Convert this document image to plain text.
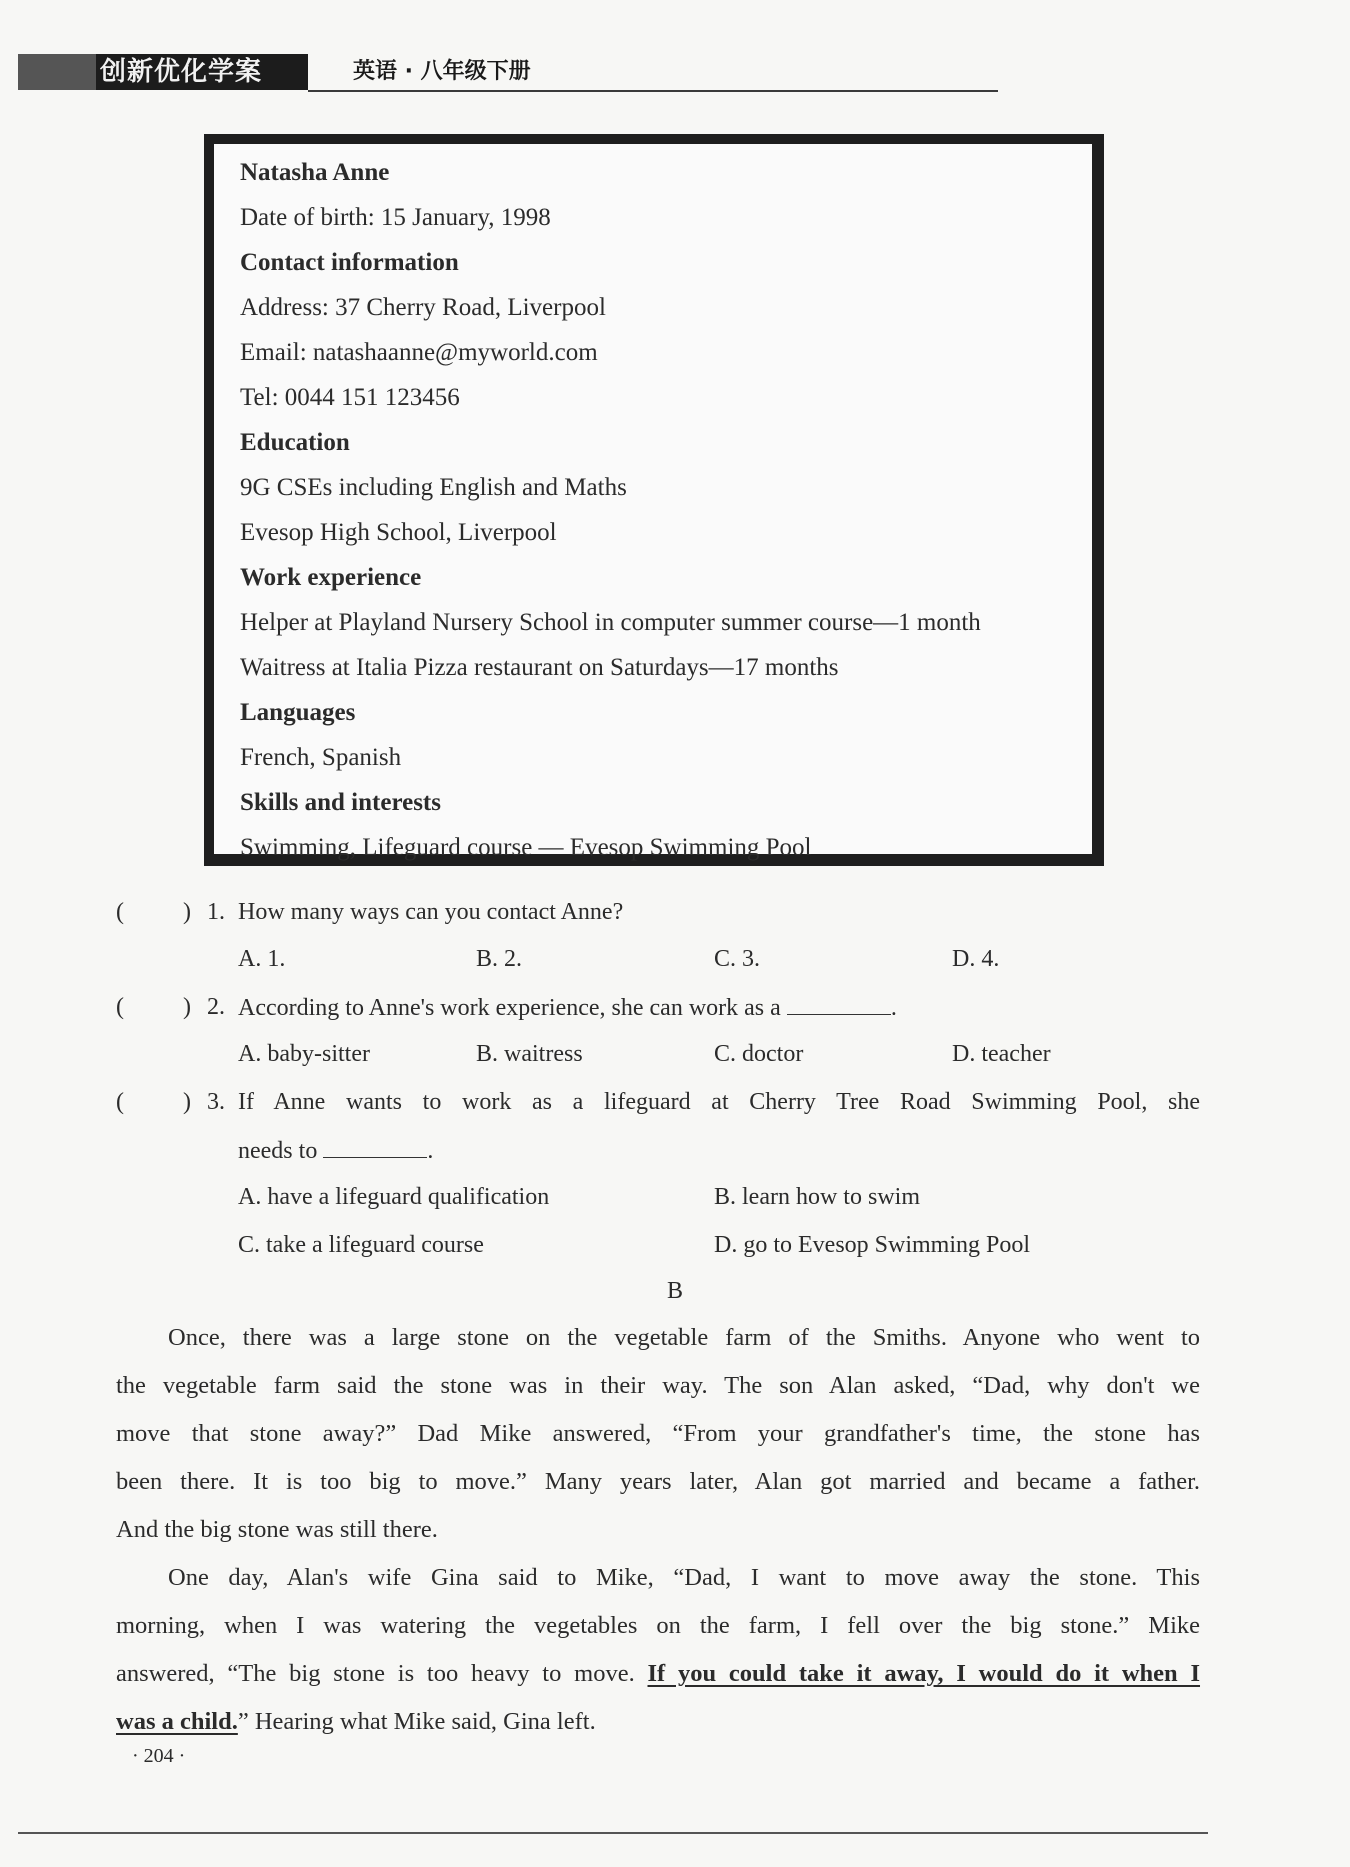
创新优化学案	英语 · 八年级下册
Natasha Anne
Date of birth: 15 January, 1998
Contact information
Address: 37 Cherry Road, Liverpool
Email: natashaanne@myworld.com
Tel: 0044 151 123456
Education
9G CSEs including English and Maths
Evesop High School, Liverpool
Work experience
Helper at Playland Nursery School in computer summer course—1 month
Waitress at Italia Pizza restaurant on Saturdays—17 months
Languages
French, Spanish
Skills and interests
Swimming, Lifeguard course — Evesop Swimming Pool
( ) 1. How many ways can you contact Anne?
A. 1.	B. 2.	C. 3.	D. 4.
( ) 2. According to Anne's work experience, she can work as a	.
A. baby-sitter	B. waitress	C. doctor	D. teacher
( ) 3. If Anne wants to work as a lifeguard at Cherry Tree Road Swimming Pool, she
needs to	.
A. have a lifeguard qualification	B. learn how to swim
C. take a lifeguard course	D. go to Evesop Swimming Pool
B
Once, there was a large stone on the vegetable farm of the Smiths. Anyone who went to
the vegetable farm said the stone was in their way. The son Alan asked, “Dad, why don't we
move that stone away?” Dad Mike answered, “From your grandfather's time, the stone has
been there. It is too big to move.” Many years later, Alan got married and became a father.
And the big stone was still there.
One day, Alan's wife Gina said to Mike, “Dad, I want to move away the stone. This
morning, when I was watering the vegetables on the farm, I fell over the big stone.” Mike
answered, “The big stone is too heavy to move. If you could take it away, I would do it when I
was a child.” Hearing what Mike said, Gina left.
· 204 ·
